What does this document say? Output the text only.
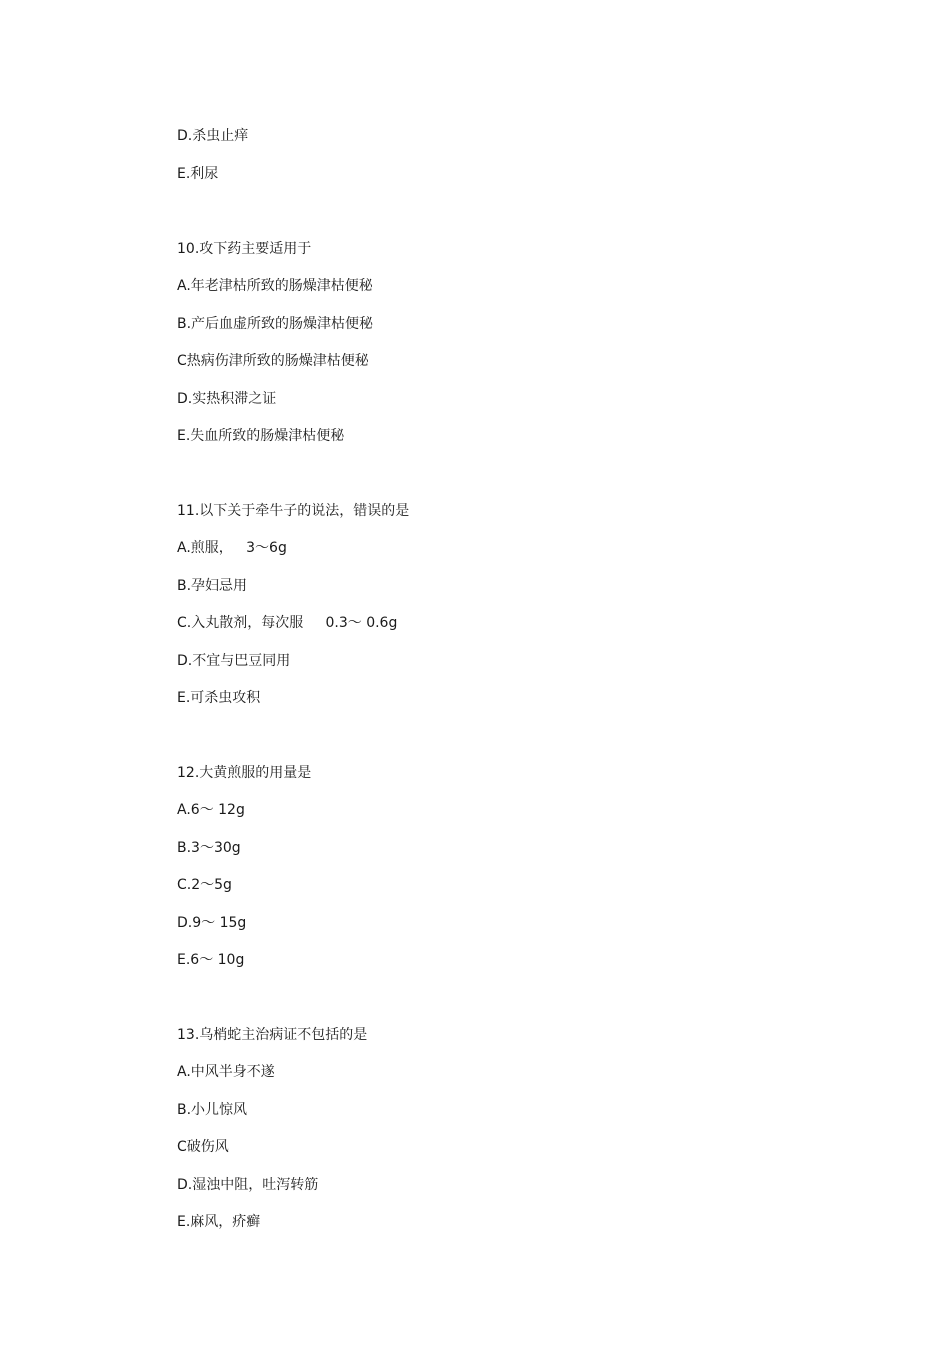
D.杀虫止痒
E.利尿
10.攻下药主要适用于
A.年老津枯所致的肠燥津枯便秘
B.产后血虚所致的肠燥津枯便秘
C热病伤津所致的肠燥津枯便秘
D.实热积滞之证
E.失血所致的肠燥津枯便秘
11.以下关于牵牛子的说法，错误的是
A.煎服，   3～6g
B.孕妇忌用
C.入丸散剂，每次服     0.3～ 0.6g
D.不宜与巴豆同用
E.可杀虫攻积
12.大黄煎服的用量是
A.6～ 12g
B.3～30g
C.2～5g
D.9～ 15g
E.6～ 10g
13.乌梢蛇主治病证不包括的是
A.中风半身不遂
B.小儿惊风
C破伤风
D.湿浊中阻，吐泻转筋
E.麻风，疥癣
